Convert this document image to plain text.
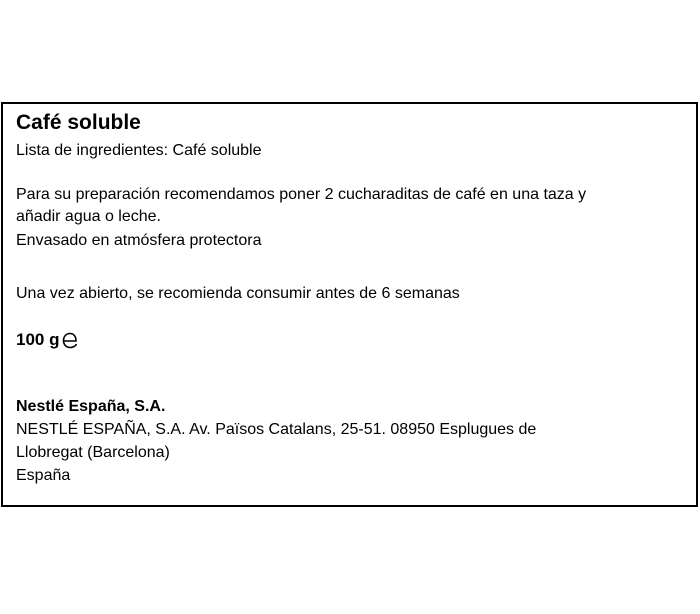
Café soluble
Lista de ingredientes: Café soluble
Para su preparación recomendamos poner 2 cucharaditas de café en una taza y
añadir agua o leche.
Envasado en atmósfera protectora
Una vez abierto, se recomienda consumir antes de 6 semanas
100 g
Nestlé España, S.A.
NESTLÉ ESPAÑA, S.A. Av. Països Catalans, 25-51. 08950 Esplugues de
Llobregat (Barcelona)
España
